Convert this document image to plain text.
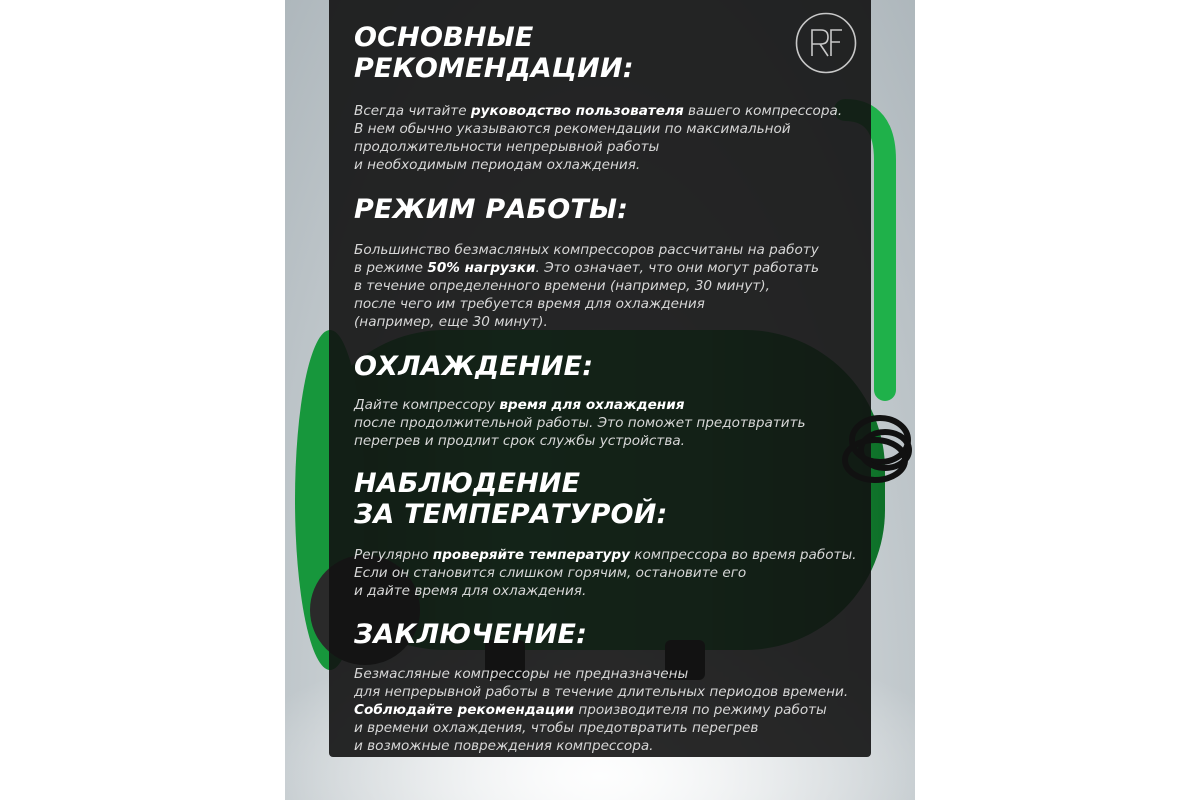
ОСНОВНЫЕ
РЕКОМЕНДАЦИИ:

Всегда читайте руководство пользователя вашего компрессора.
В нем обычно указываются рекомендации по максимальной
продолжительности непрерывной работы
и необходимым периодам охлаждения.

РЕЖИМ РАБОТЫ:

Большинство безмасляных компрессоров рассчитаны на работу
в режиме 50% нагрузки. Это означает, что они могут работать
в течение определенного времени (например, 30 минут),
после чего им требуется время для охлаждения
(например, еще 30 минут).

ОХЛАЖДЕНИЕ:

Дайте компрессору время для охлаждения
после продолжительной работы. Это поможет предотвратить
перегрев и продлит срок службы устройства.

НАБЛЮДЕНИЕ
ЗА ТЕМПЕРАТУРОЙ:

Регулярно проверяйте температуру компрессора во время работы.
Если он становится слишком горячим, остановите его
и дайте время для охлаждения.

ЗАКЛЮЧЕНИЕ:

Безмасляные компрессоры не предназначены
для непрерывной работы в течение длительных периодов времени.
Соблюдайте рекомендации производителя по режиму работы
и времени охлаждения, чтобы предотвратить перегрев
и возможные повреждения компрессора.
